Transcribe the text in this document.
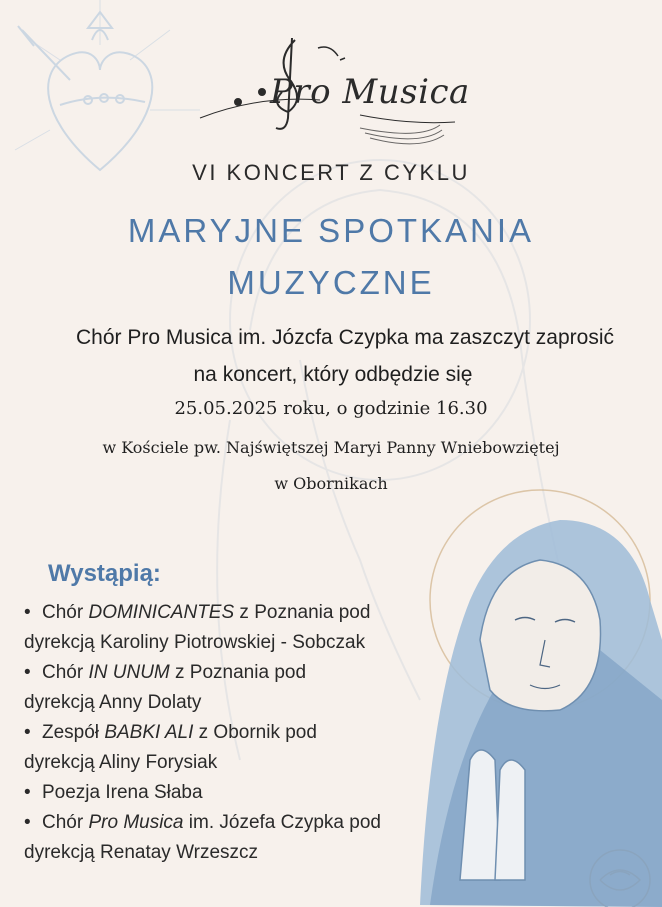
Pro Musica
VI KONCERT Z CYKLU
MARYJNE SPOTKANIA
MUZYCZNE
Chór Pro Musica im. Józcfa Czypka ma zaszczyt zaprosić
na koncert, który odbędzie się
25.05.2025 roku, o godzinie 16.30
w Kościele pw. Najświętszej Maryi Panny Wniebowziętej
w Obornikach
Wystąpią:
• Chór DOMINICANTES z Poznania pod
dyrekcją Karoliny Piotrowskiej - Sobczak
• Chór IN UNUM z Poznania pod
dyrekcją Anny Dolaty
• Zespół BABKI ALI z Obornik pod
dyrekcją Aliny Forysiak
• Poezja Irena Słaba
• Chór Pro Musica im. Józefa Czypka pod
dyrekcją Renatay Wrzeszcz
